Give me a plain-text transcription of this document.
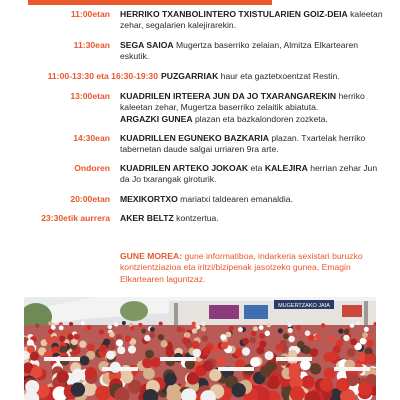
11:00etan HERRIKO TXANBOLINTERO TXISTULARIEN GOIZ-DEIA kaleetan zehar, segalarien kalejirarekin.
11:30ean SEGA SAIOA Mugertza baserriko zelaian, Almitza Elkartearen eskutik.
11:00-13:30 eta 16:30-19:30 PUZGARRIAK haur eta gaztetxoentzat Restin.
13:00etan KUADRILEN IRTEERA JUN DA JO TXARANGAREKIN herriko kaleetan zehar, Mugertza baserriko zelaitik abiatuta.
ARGAZKI GUNEA plazan eta bazkalondoren zozketa.
14:30ean KUADRILLEN EGUNEKO BAZKARIA plazan. Txartelak herriko tabernetan daude salgai urriaren 9ra arte.
Ondoren KUADRILEN ARTEKO JOKOAK eta KALEJIRA herrian zehar Jun da Jo txarangak giroturik.
20:00etan MEXIKORTXO mariatxi taldearen emanaldia.
23:30etik aurrera AKER BELTZ kontzertua.
GUNE MOREA: gune informatiboa, indarkeria sexistari buruzko kontzientziazioa eta iritzi/bizipenak jasotzeko gunea, Emagin Elkartearen laguntzaz.
MUGERTZAKO JAIA
